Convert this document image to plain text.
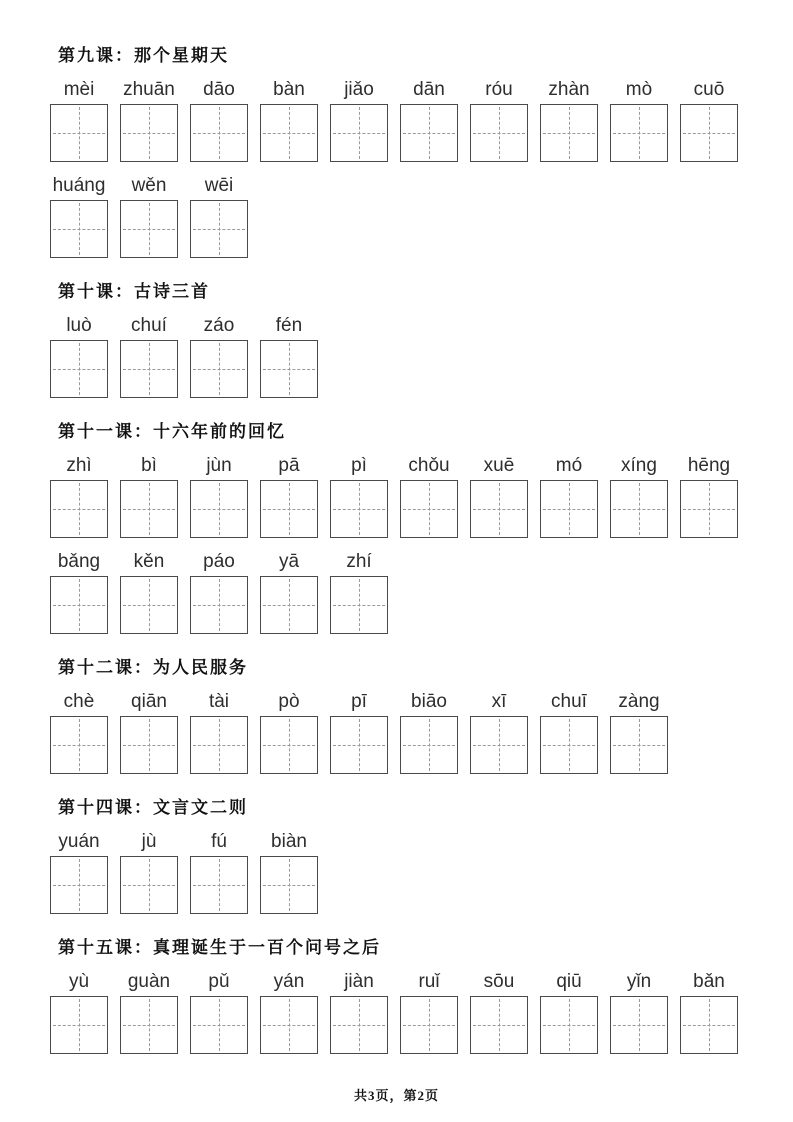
第九课：那个星期天
mèi zhuān dāo bàn jiǎo dān róu zhàn mò cuō
huáng wěn wēi
第十课：古诗三首
luò chuí záo fén
第十一课：十六年前的回忆
zhì	bì	jùn pā	pì chǒu xuē mó xíng hēng
bǎng kěn páo yā zhí
第十二课：为人民服务
chè qiān tài	pò	pī biāo xī chuī zàng
第十四课：文言文二则
yuán jù	fú biàn
第十五课：真理诞生于一百个问号之后
yù guàn pǔ yán jiàn ruǐ sōu qiū yǐn bǎn
共3页，第2页
